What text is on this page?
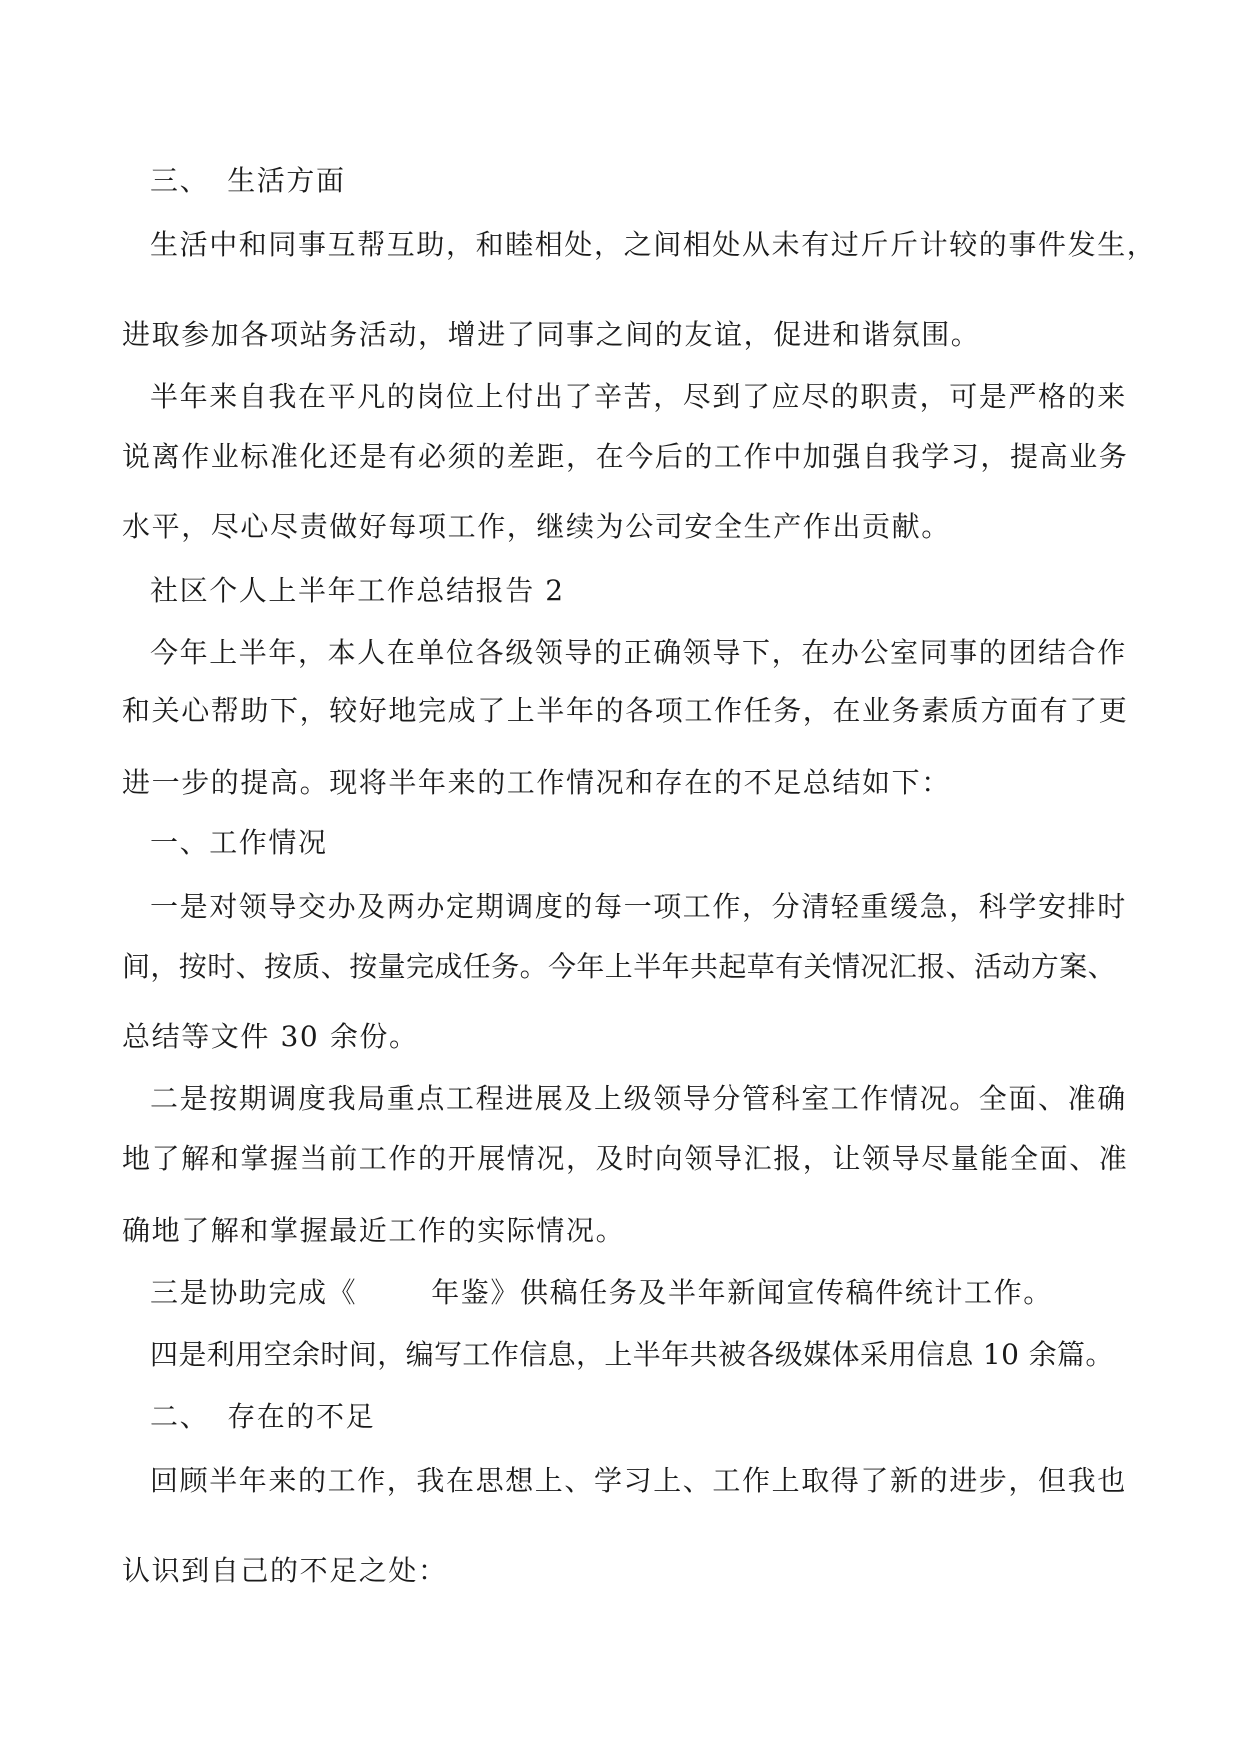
三、 生活方面
生活中和同事互帮互助，和睦相处，之间相处从未有过斤斤计较的事件发生，
进取参加各项站务活动，增进了同事之间的友谊，促进和谐氛围。
半年来自我在平凡的岗位上付出了辛苦，尽到了应尽的职责，可是严格的来
说离作业标准化还是有必须的差距，在今后的工作中加强自我学习，提高业务
水平，尽心尽责做好每项工作，继续为公司安全生产作出贡献。
社区个人上半年工作总结报告 2
今年上半年，本人在单位各级领导的正确领导下，在办公室同事的团结合作
和关心帮助下，较好地完成了上半年的各项工作任务，在业务素质方面有了更
进一步的提高。现将半年来的工作情况和存在的不足总结如下：
一、工作情况
一是对领导交办及两办定期调度的每一项工作，分清轻重缓急，科学安排时
间，按时、按质、按量完成任务。今年上半年共起草有关情况汇报、活动方案、
总结等文件 30 余份。
二是按期调度我局重点工程进展及上级领导分管科室工作情况。全面、准确
地了解和掌握当前工作的开展情况，及时向领导汇报，让领导尽量能全面、准
确地了解和掌握最近工作的实际情况。
三是协助完成《	年鉴》供稿任务及半年新闻宣传稿件统计工作。
四是利用空余时间，编写工作信息，上半年共被各级媒体采用信息 10 余篇。
二、 存在的不足
回顾半年来的工作，我在思想上、学习上、工作上取得了新的进步，但我也
认识到自己的不足之处：
